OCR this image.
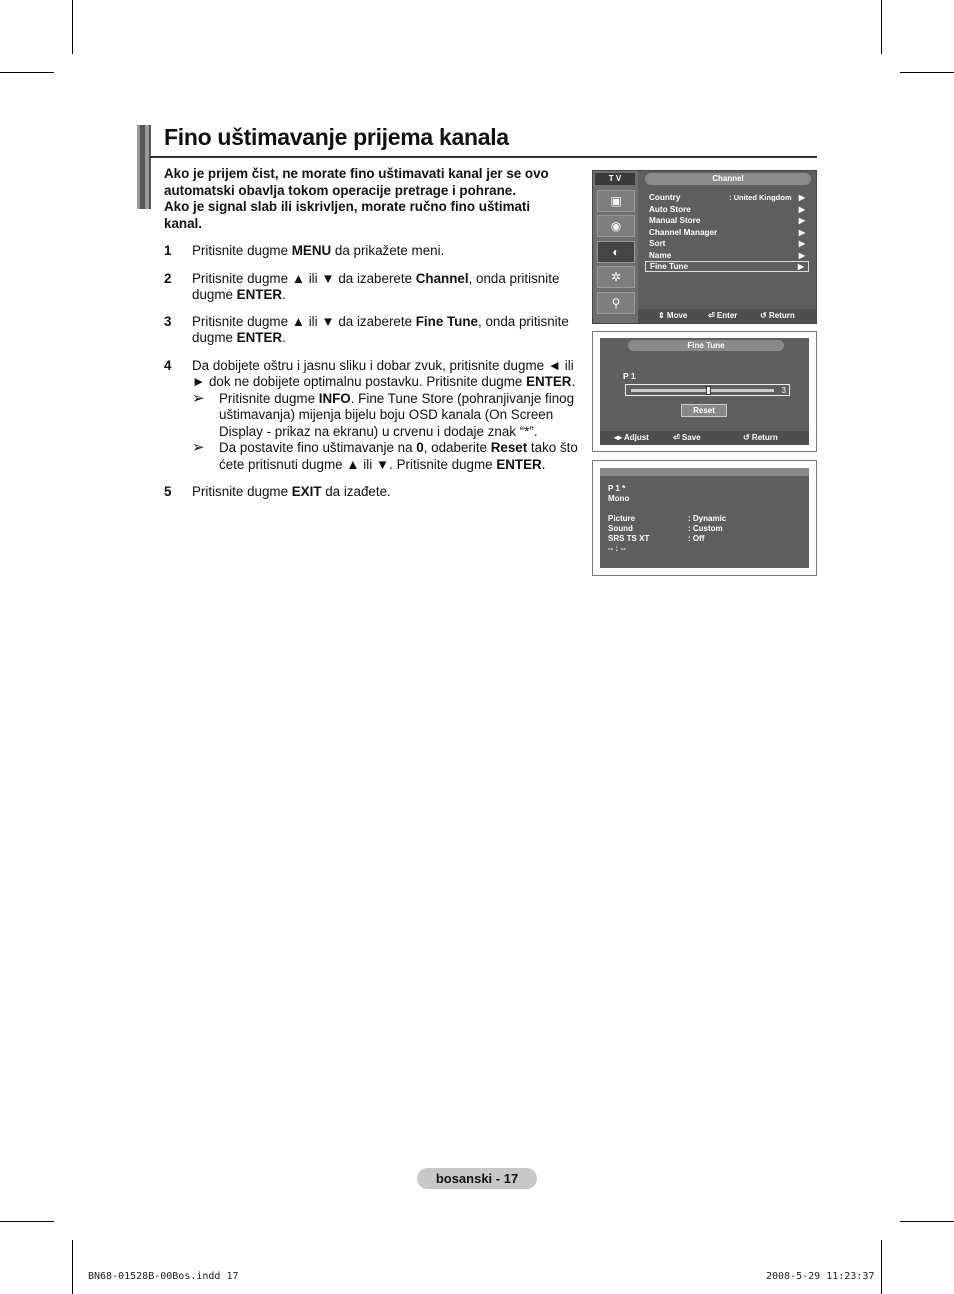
Fino uštimavanje prijema kanala
Ako je prijem čist, ne morate fino uštimavati kanal jer se ovo
automatski obavlja tokom operacije pretrage i pohrane.
Ako je signal slab ili iskrivljen, morate ručno fino uštimati
kanal.
1 Pritisnite dugme MENU da prikažete meni.
2 Pritisnite dugme ▲ ili ▼ da izaberete Channel, onda pritisnite dugme ENTER.
3 Pritisnite dugme ▲ ili ▼ da izaberete Fine Tune, onda pritisnite dugme ENTER.
4 Da dobijete oštru i jasnu sliku i dobar zvuk, pritisnite dugme ◄ ili ► dok ne dobijete optimalnu postavku. Pritisnite dugme ENTER.
➢ Pritisnite dugme INFO. Fine Tune Store (pohranjivanje finog uštimavanja) mijenja bijelu boju OSD kanala (On Screen Display - prikaz na ekranu) u crvenu i dodaje znak “*”.
➢ Da postavite fino uštimavanje na 0, odaberite Reset tako što ćete pritisnuti dugme ▲ ili ▼. Pritisnite dugme ENTER.
5 Pritisnite dugme EXIT da izađete.
T V
▣
◉
◐
✲
⚲
Channel
Country	: United Kingdom ▶
Auto Store	▶
Manual Store	▶
Channel Manager	▶
Sort	▶
Name	▶
Fine Tune	▶
⇕ Move	⏎ Enter	↺ Return
Fine Tune
P 1
3
Reset
◂▸ Adjust	⏎ Save	↺ Return
P 1 *
Mono
Picture	: Dynamic
Sound	: Custom
SRS TS XT	: Off
-- : --
bosanski - 17
BN68-01528B-00Bos.indd 17	2008-5-29 11:23:37
